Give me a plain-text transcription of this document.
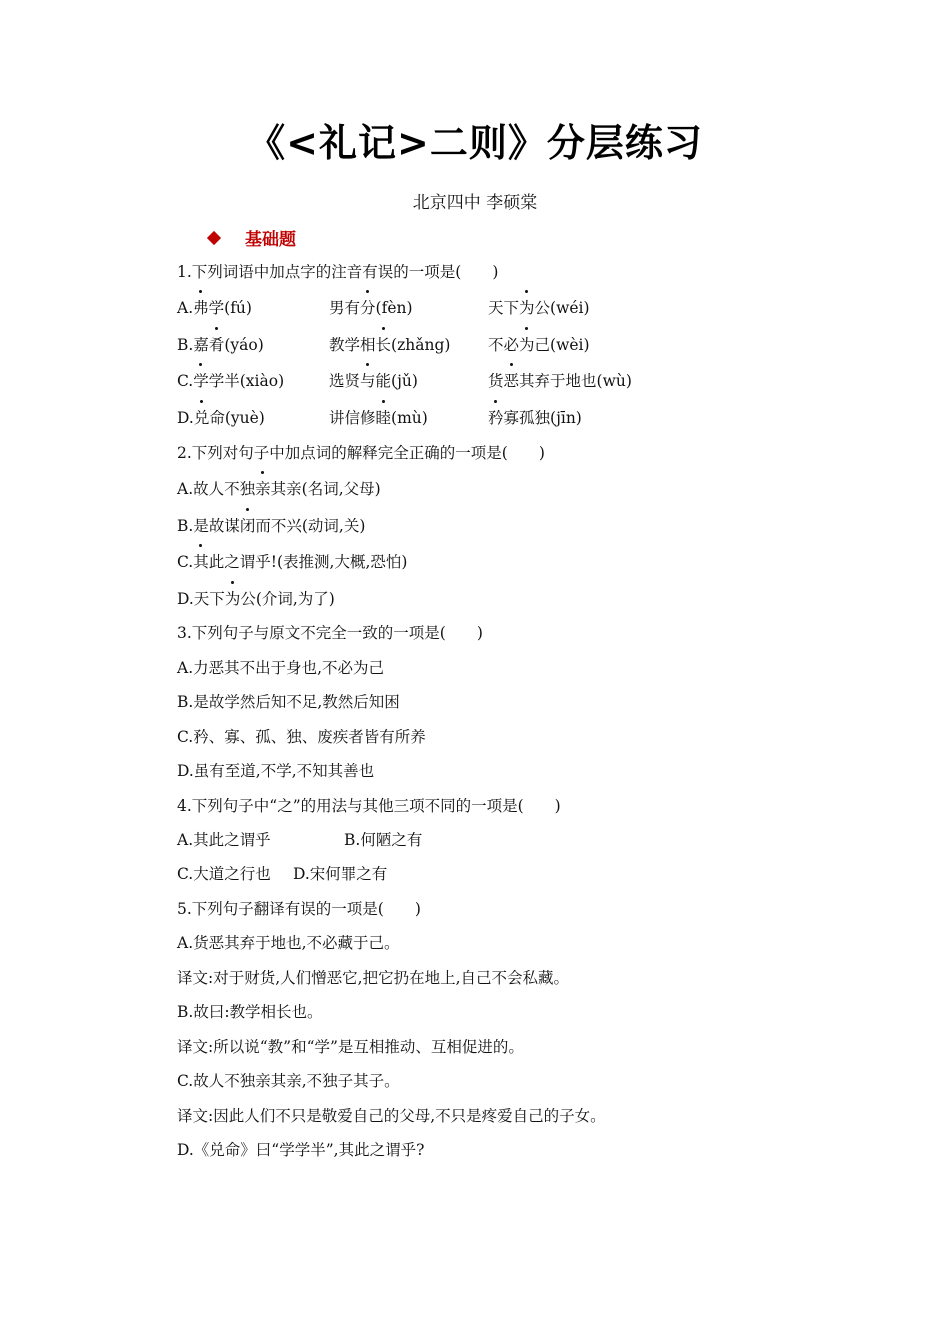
《<礼记>二则》分层练习
北京四中 李硕棠
基础题
1.下列词语中加点字的注音有误的一项是(　　)
A.弗学(fú)	男有分(fèn)	天下为公(wéi)
B.嘉肴(yáo)	教学相长(zhǎng) 不必为己(wèi)
C.学学半(xiào)	选贤与能(jǔ)	货恶其弃于地也(wù)
D.兑命(yuè)	讲信修睦(mù)	矜寡孤独(jīn)
2.下列对句子中加点词的解释完全正确的一项是(　　)
A.故人不独亲其亲(名词,父母)
B.是故谋闭而不兴(动词,关)
C.其此之谓乎!(表推测,大概,恐怕)
D.天下为公(介词,为了)
3.下列句子与原文不完全一致的一项是(　　)
A.力恶其不出于身也,不必为己
B.是故学然后知不足,教然后知困
C.矜、寡、孤、独、废疾者皆有所养
D.虽有至道,不学,不知其善也
4.下列句子中“之”的用法与其他三项不同的一项是(　　)
A.其此之谓乎	B.何陋之有
C.大道之行也 D.宋何罪之有
5.下列句子翻译有误的一项是(　　)
A.货恶其弃于地也,不必藏于己。
译文:对于财货,人们憎恶它,把它扔在地上,自己不会私藏。
B.故曰:教学相长也。
译文:所以说“教”和“学”是互相推动、互相促进的。
C.故人不独亲其亲,不独子其子。
译文:因此人们不只是敬爱自己的父母,不只是疼爱自己的子女。
D.《兑命》曰“学学半”,其此之谓乎?
